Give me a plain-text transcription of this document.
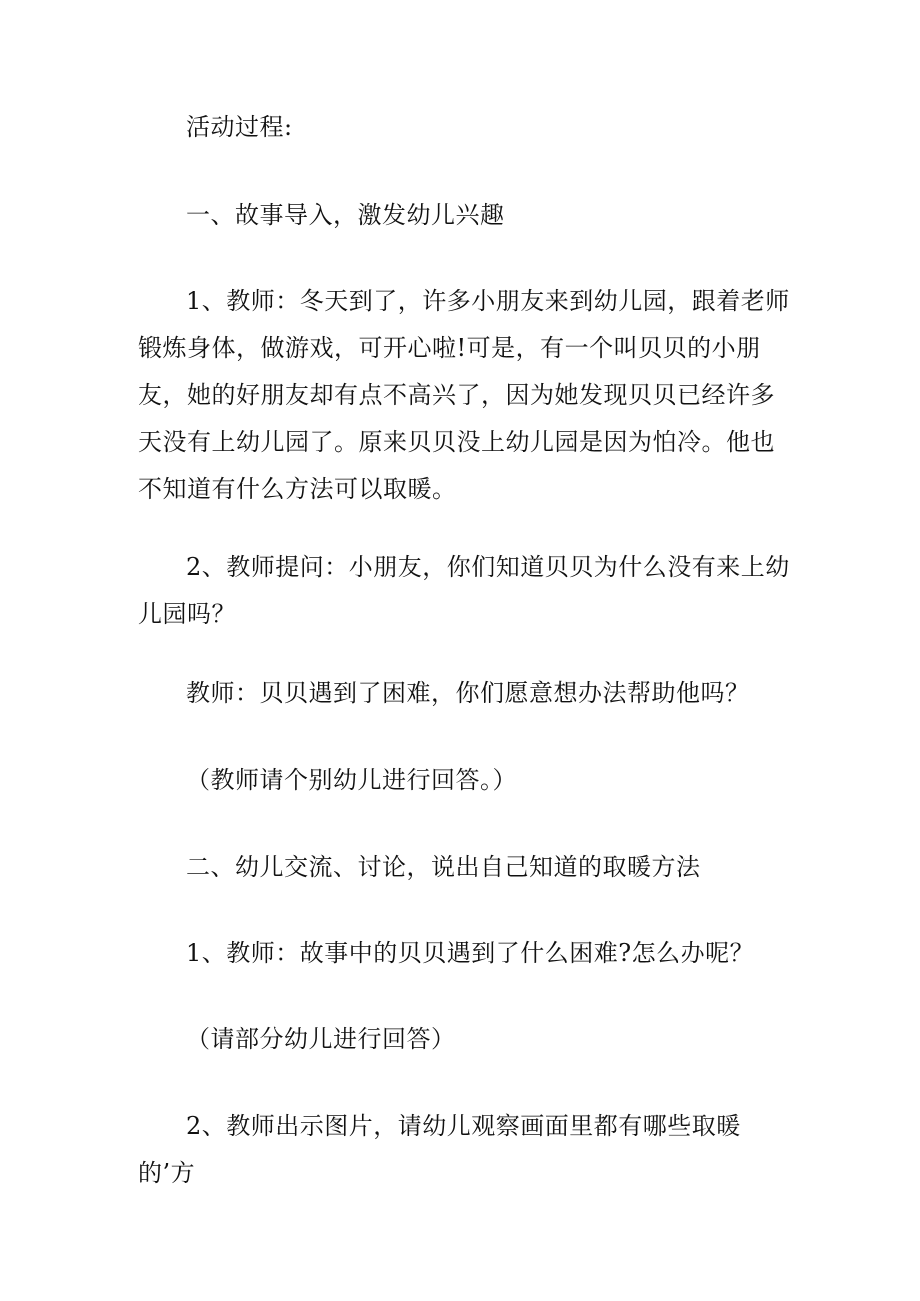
活动过程:

一、故事导入，激发幼儿兴趣

1、教师：冬天到了，许多小朋友来到幼儿园，跟着老师锻炼身体，做游戏，可开心啦!可是，有一个叫贝贝的小朋友，她的好朋友却有点不高兴了，因为她发现贝贝已经许多天没有上幼儿园了。原来贝贝没上幼儿园是因为怕冷。他也不知道有什么方法可以取暖。

2、教师提问：小朋友，你们知道贝贝为什么没有来上幼儿园吗？

教师：贝贝遇到了困难，你们愿意想办法帮助他吗？

（教师请个别幼儿进行回答。）

二、幼儿交流、讨论，说出自己知道的取暖方法

1、教师：故事中的贝贝遇到了什么困难?怎么办呢？

（请部分幼儿进行回答）

2、教师出示图片，请幼儿观察画面里都有哪些取暖的’方
